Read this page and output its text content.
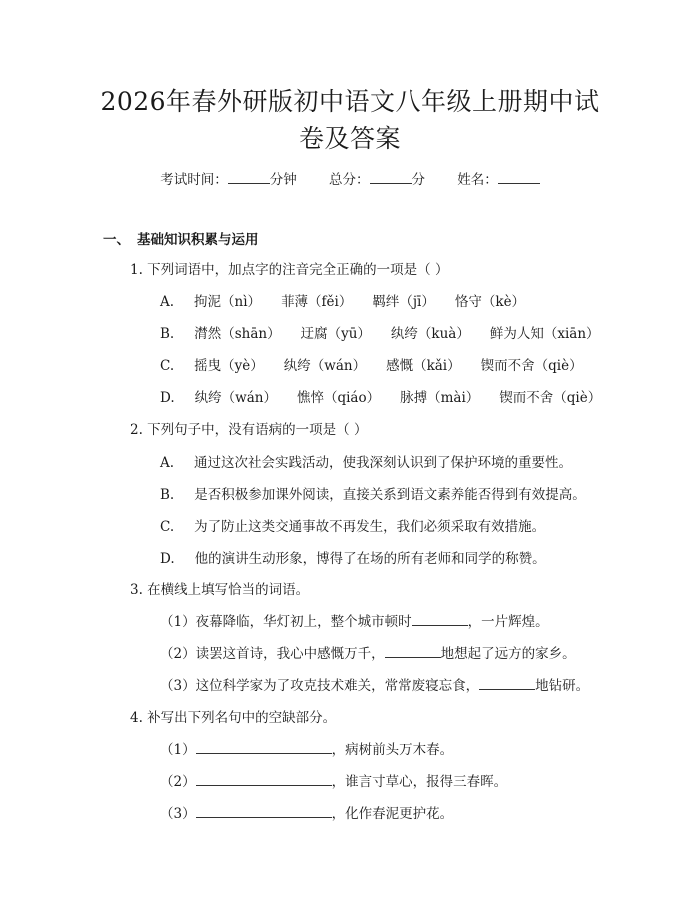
2026年春外研版初中语文八年级上册期中试
卷及答案
考试时间：	分钟 总分：	分 姓名：
一、 基础知识积累与运用
1. 下列词语中，加点字的注音完全正确的一项是（ ）
A. 拘泥（nì） 菲薄（fěi） 羁绊（jī） 恪守（kè）
B. 潸然（shān） 迂腐（yū） 纨绔（kuà） 鲜为人知（xiān）
C. 摇曳（yè） 纨绔（wán） 感慨（kǎi） 锲而不舍（qiè）
D. 纨绔（wán） 憔悴（qiáo） 脉搏（mài） 锲而不舍（qiè）
2. 下列句子中，没有语病的一项是（ ）
A. 通过这次社会实践活动，使我深刻认识到了保护环境的重要性。
B. 是否积极参加课外阅读，直接关系到语文素养能否得到有效提高。
C. 为了防止这类交通事故不再发生，我们必须采取有效措施。
D. 他的演讲生动形象，博得了在场的所有老师和同学的称赞。
3. 在横线上填写恰当的词语。
（1）夜幕降临，华灯初上，整个城市顿时	，一片辉煌。
（2）读罢这首诗，我心中感慨万千，	地想起了远方的家乡。
（3）这位科学家为了攻克技术难关，常常废寝忘食，	地钻研。
4. 补写出下列名句中的空缺部分。
（1）	，病树前头万木春。
（2）	，谁言寸草心，报得三春晖。
（3）	，化作春泥更护花。
